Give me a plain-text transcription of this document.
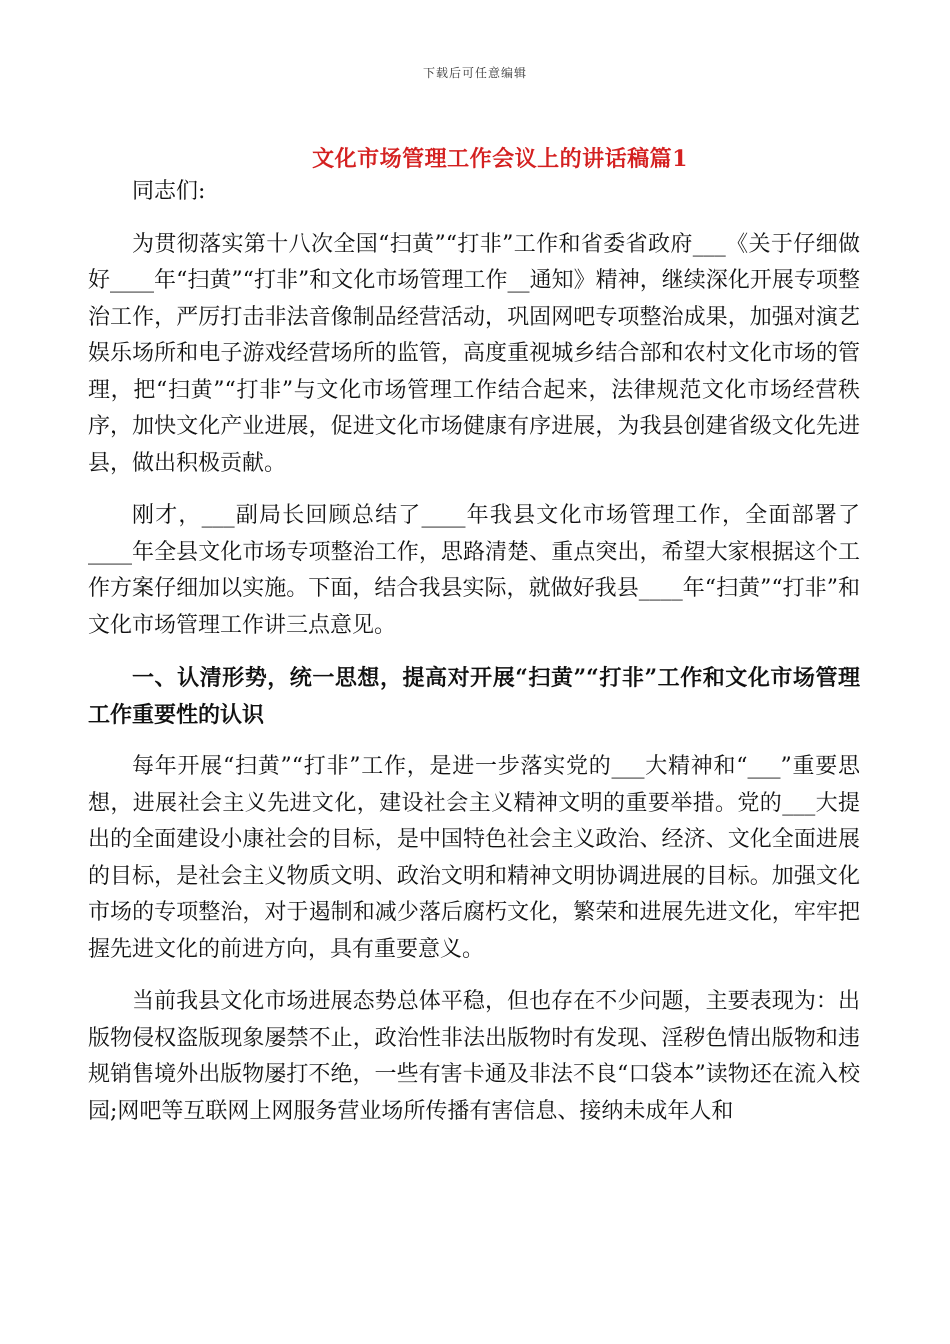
下载后可任意编辑
文化市场管理工作会议上的讲话稿篇1

同志们:

为贯彻落实第十八次全国“扫黄”“打非”工作和省委省政府___《关于仔细做好____年“扫黄”“打非”和文化市场管理工作__通知》精神，继续深化开展专项整治工作，严厉打击非法音像制品经营活动，巩固网吧专项整治成果，加强对演艺娱乐场所和电子游戏经营场所的监管，高度重视城乡结合部和农村文化市场的管理，把“扫黄”“打非”与文化市场管理工作结合起来，法律规范文化市场经营秩序，加快文化产业进展，促进文化市场健康有序进展，为我县创建省级文化先进县，做出积极贡献。

刚才，___副局长回顾总结了____年我县文化市场管理工作，全面部署了____年全县文化市场专项整治工作，思路清楚、重点突出，希望大家根据这个工作方案仔细加以实施。下面，结合我县实际，就做好我县____年“扫黄”“打非”和文化市场管理工作讲三点意见。

一、认清形势，统一思想，提高对开展“扫黄”“打非”工作和文化市场管理工作重要性的认识

每年开展“扫黄”“打非”工作，是进一步落实党的___大精神和“___”重要思想，进展社会主义先进文化，建设社会主义精神文明的重要举措。党的___大提出的全面建设小康社会的目标，是中国特色社会主义政治、经济、文化全面进展的目标，是社会主义物质文明、政治文明和精神文明协调进展的目标。加强文化市场的专项整治，对于遏制和减少落后腐朽文化，繁荣和进展先进文化，牢牢把握先进文化的前进方向，具有重要意义。

当前我县文化市场进展态势总体平稳，但也存在不少问题，主要表现为：出版物侵权盗版现象屡禁不止，政治性非法出版物时有发现、淫秽色情出版物和违规销售境外出版物屡打不绝，一些有害卡通及非法不良“口袋本”读物还在流入校园;网吧等互联网上网服务营业场所传播有害信息、接纳未成年人和
